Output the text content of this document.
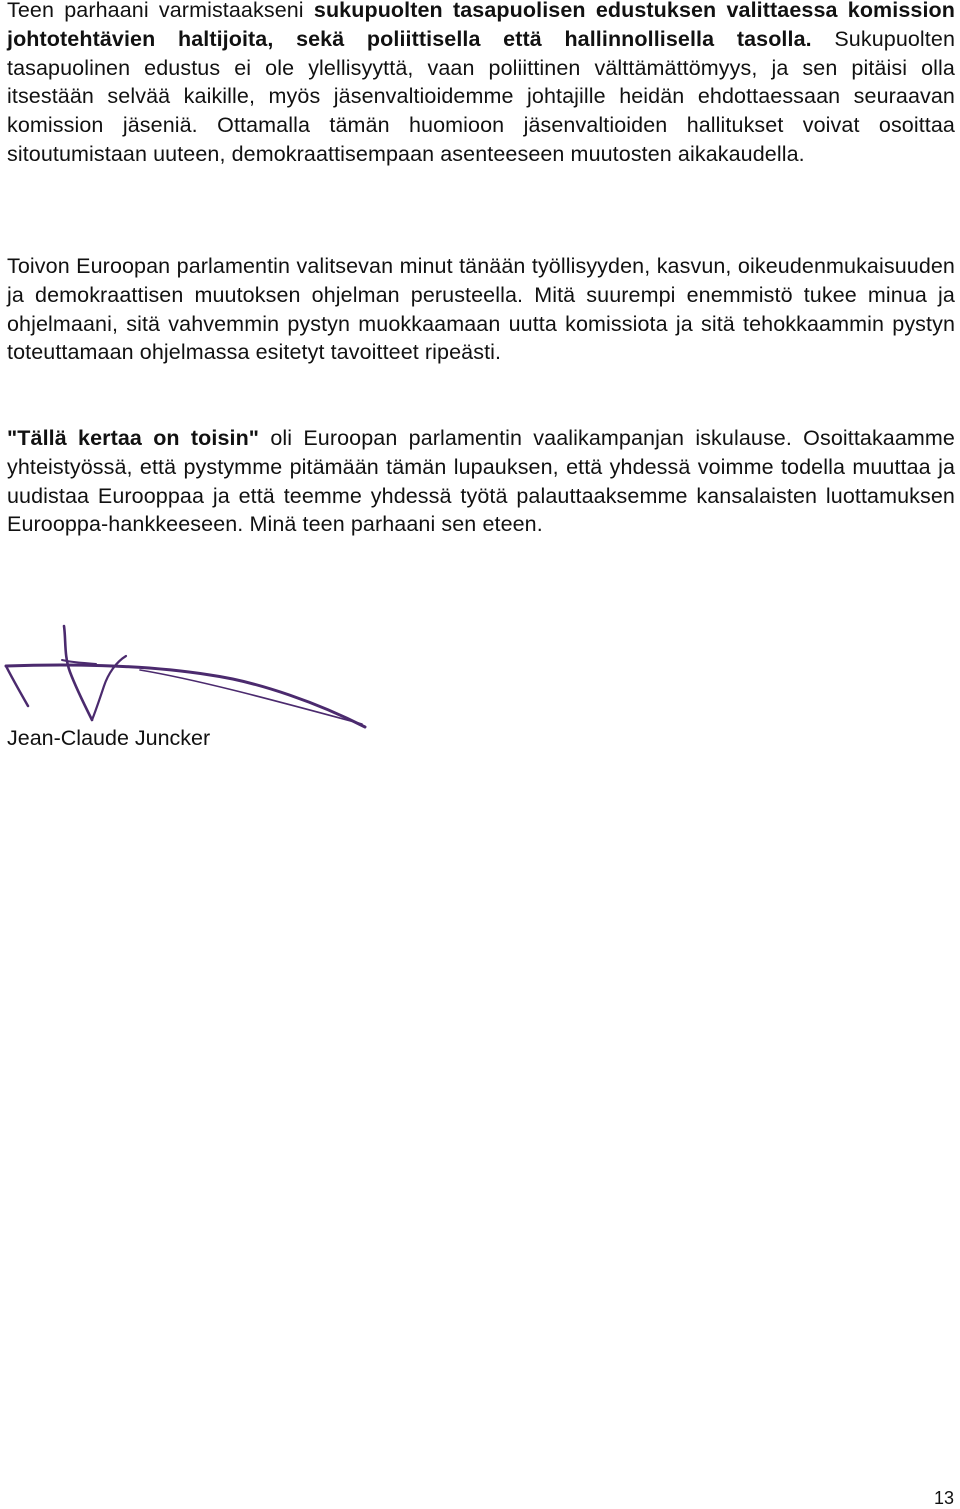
Teen parhaani varmistaakseni sukupuolten tasapuolisen edustuksen valittaessa komission johtotehtävien haltijoita, sekä poliittisella että hallinnollisella tasolla. Sukupuolten tasapuolinen edustus ei ole ylellisyyttä, vaan poliittinen välttämättömyys, ja sen pitäisi olla itsestään selvää kaikille, myös jäsenvaltioidemme johtajille heidän ehdottaessaan seuraavan komission jäseniä. Ottamalla tämän huomioon jäsenvaltioiden hallitukset voivat osoittaa sitoutumistaan uuteen, demokraattisempaan asenteeseen muutosten aikakaudella.

Toivon Euroopan parlamentin valitsevan minut tänään työllisyyden, kasvun, oikeudenmukaisuuden ja demokraattisen muutoksen ohjelman perusteella. Mitä suurempi enemmistö tukee minua ja ohjelmaani, sitä vahvemmin pystyn muokkaamaan uutta komissiota ja sitä tehokkaammin pystyn toteuttamaan ohjelmassa esitetyt tavoitteet ripeästi.

"Tällä kertaa on toisin" oli Euroopan parlamentin vaalikampanjan iskulause. Osoittakaamme yhteistyössä, että pystymme pitämään tämän lupauksen, että yhdessä voimme todella muuttaa ja uudistaa Eurooppaa ja että teemme yhdessä työtä palauttaaksemme kansalaisten luottamuksen Eurooppa-hankkeeseen. Minä teen parhaani sen eteen.

Jean-Claude Juncker

13
